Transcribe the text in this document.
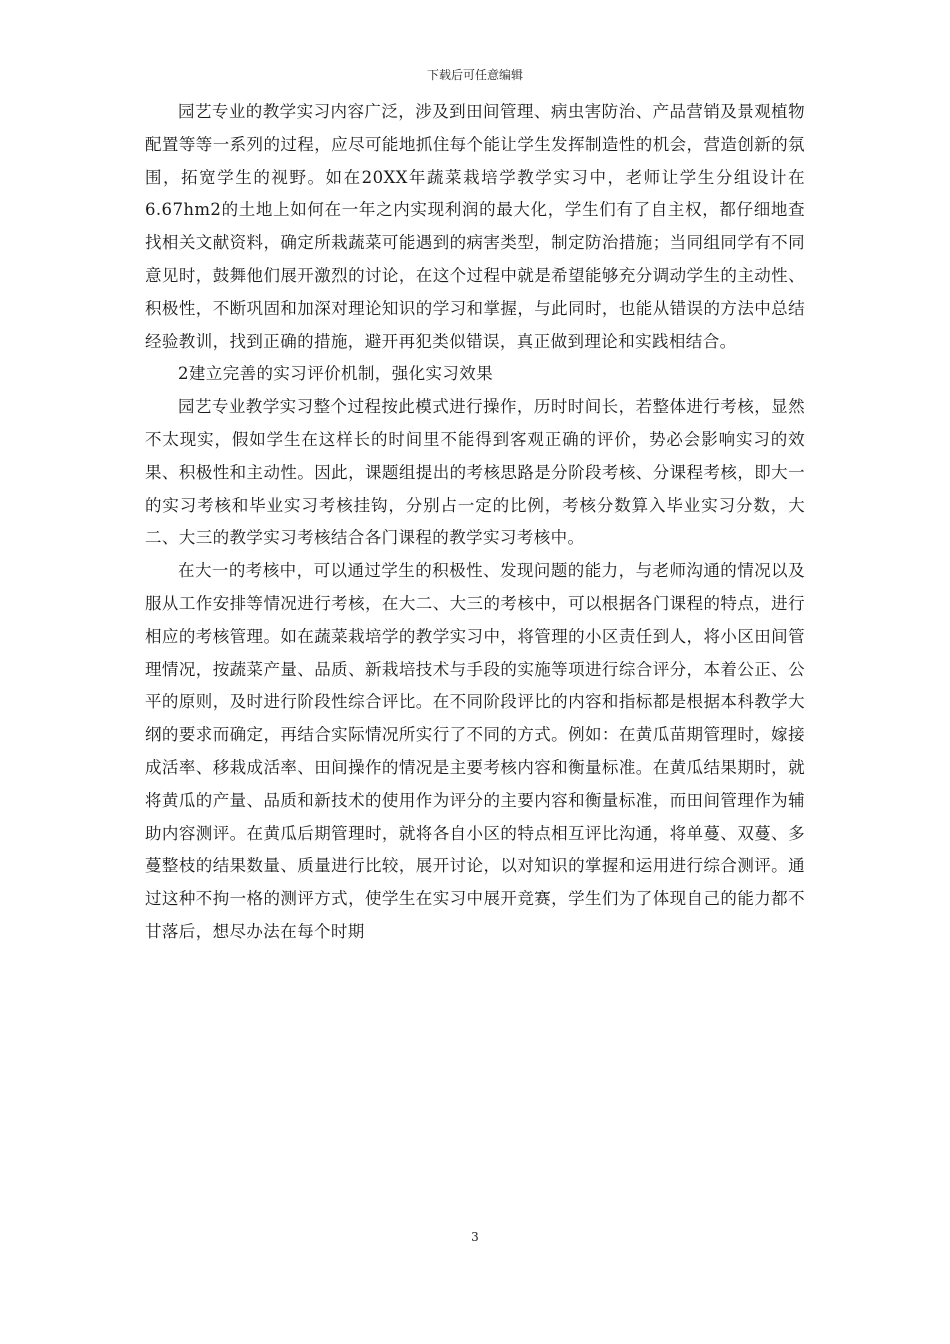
下载后可任意编辑

园艺专业的教学实习内容广泛，涉及到田间管理、病虫害防治、产品营销及景观植物配置等等一系列的过程，应尽可能地抓住每个能让学生发挥制造性的机会，营造创新的氛围，拓宽学生的视野。如在20XX年蔬菜栽培学教学实习中，老师让学生分组设计在6.67hm2的土地上如何在一年之内实现利润的最大化，学生们有了自主权，都仔细地查找相关文献资料，确定所栽蔬菜可能遇到的病害类型，制定防治措施；当同组同学有不同意见时，鼓舞他们展开激烈的讨论，在这个过程中就是希望能够充分调动学生的主动性、积极性，不断巩固和加深对理论知识的学习和掌握，与此同时，也能从错误的方法中总结经验教训，找到正确的措施，避开再犯类似错误，真正做到理论和实践相结合。

2建立完善的实习评价机制，强化实习效果

园艺专业教学实习整个过程按此模式进行操作，历时时间长，若整体进行考核，显然不太现实，假如学生在这样长的时间里不能得到客观正确的评价，势必会影响实习的效果、积极性和主动性。因此，课题组提出的考核思路是分阶段考核、分课程考核，即大一的实习考核和毕业实习考核挂钩，分别占一定的比例，考核分数算入毕业实习分数，大二、大三的教学实习考核结合各门课程的教学实习考核中。

在大一的考核中，可以通过学生的积极性、发现问题的能力，与老师沟通的情况以及服从工作安排等情况进行考核，在大二、大三的考核中，可以根据各门课程的特点，进行相应的考核管理。如在蔬菜栽培学的教学实习中，将管理的小区责任到人，将小区田间管理情况，按蔬菜产量、品质、新栽培技术与手段的实施等项进行综合评分，本着公正、公平的原则，及时进行阶段性综合评比。在不同阶段评比的内容和指标都是根据本科教学大纲的要求而确定，再结合实际情况所实行了不同的方式。例如：在黄瓜苗期管理时，嫁接成活率、移栽成活率、田间操作的情况是主要考核内容和衡量标准。在黄瓜结果期时，就将黄瓜的产量、品质和新技术的使用作为评分的主要内容和衡量标准，而田间管理作为辅助内容测评。在黄瓜后期管理时，就将各自小区的特点相互评比沟通，将单蔓、双蔓、多蔓整枝的结果数量、质量进行比较，展开讨论，以对知识的掌握和运用进行综合测评。通过这种不拘一格的测评方式，使学生在实习中展开竞赛，学生们为了体现自己的能力都不甘落后，想尽办法在每个时期

3
